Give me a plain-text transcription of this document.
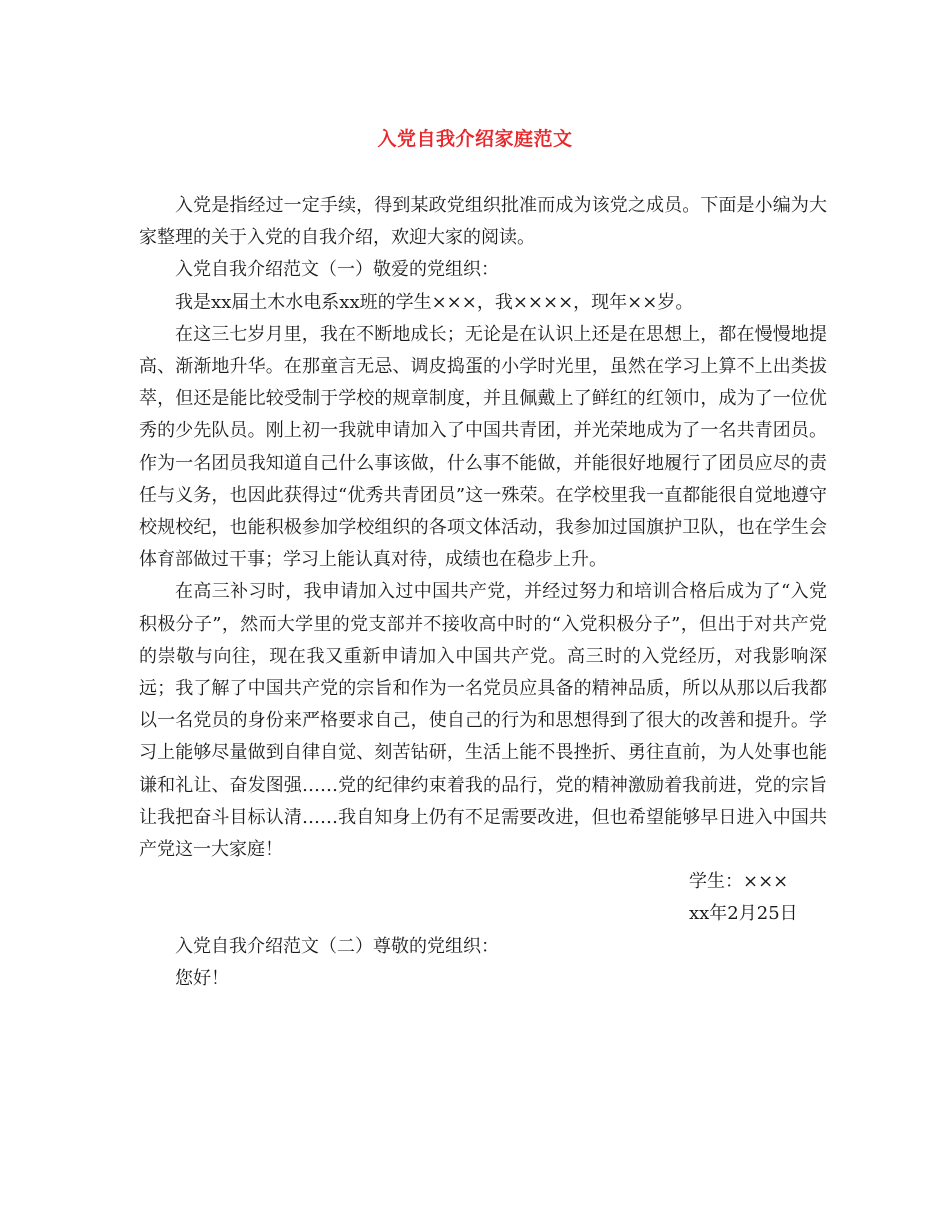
入党自我介绍家庭范文

入党是指经过一定手续，得到某政党组织批准而成为该党之成员。下面是小编为大家整理的关于入党的自我介绍，欢迎大家的阅读。

入党自我介绍范文（一）敬爱的党组织：

我是xx届土木水电系xx班的学生×××，我××××，现年××岁。

在这三七岁月里，我在不断地成长；无论是在认识上还是在思想上，都在慢慢地提高、渐渐地升华。在那童言无忌、调皮捣蛋的小学时光里，虽然在学习上算不上出类拔萃，但还是能比较受制于学校的规章制度，并且佩戴上了鲜红的红领巾，成为了一位优秀的少先队员。刚上初一我就申请加入了中国共青团，并光荣地成为了一名共青团员。作为一名团员我知道自己什么事该做，什么事不能做，并能很好地履行了团员应尽的责任与义务，也因此获得过“优秀共青团员”这一殊荣。在学校里我一直都能很自觉地遵守校规校纪，也能积极参加学校组织的各项文体活动，我参加过国旗护卫队，也在学生会体育部做过干事；学习上能认真对待，成绩也在稳步上升。

在高三补习时，我申请加入过中国共产党，并经过努力和培训合格后成为了“入党积极分子”，然而大学里的党支部并不接收高中时的“入党积极分子”，但出于对共产党的崇敬与向往，现在我又重新申请加入中国共产党。高三时的入党经历，对我影响深远；我了解了中国共产党的宗旨和作为一名党员应具备的精神品质，所以从那以后我都以一名党员的身份来严格要求自己，使自己的行为和思想得到了很大的改善和提升。学习上能够尽量做到自律自觉、刻苦钻研，生活上能不畏挫折、勇往直前，为人处事也能谦和礼让、奋发图强……党的纪律约束着我的品行，党的精神激励着我前进，党的宗旨让我把奋斗目标认清……我自知身上仍有不足需要改进，但也希望能够早日进入中国共产党这一大家庭！

学生：×××

xx年2月25日

入党自我介绍范文（二）尊敬的党组织：

您好！
